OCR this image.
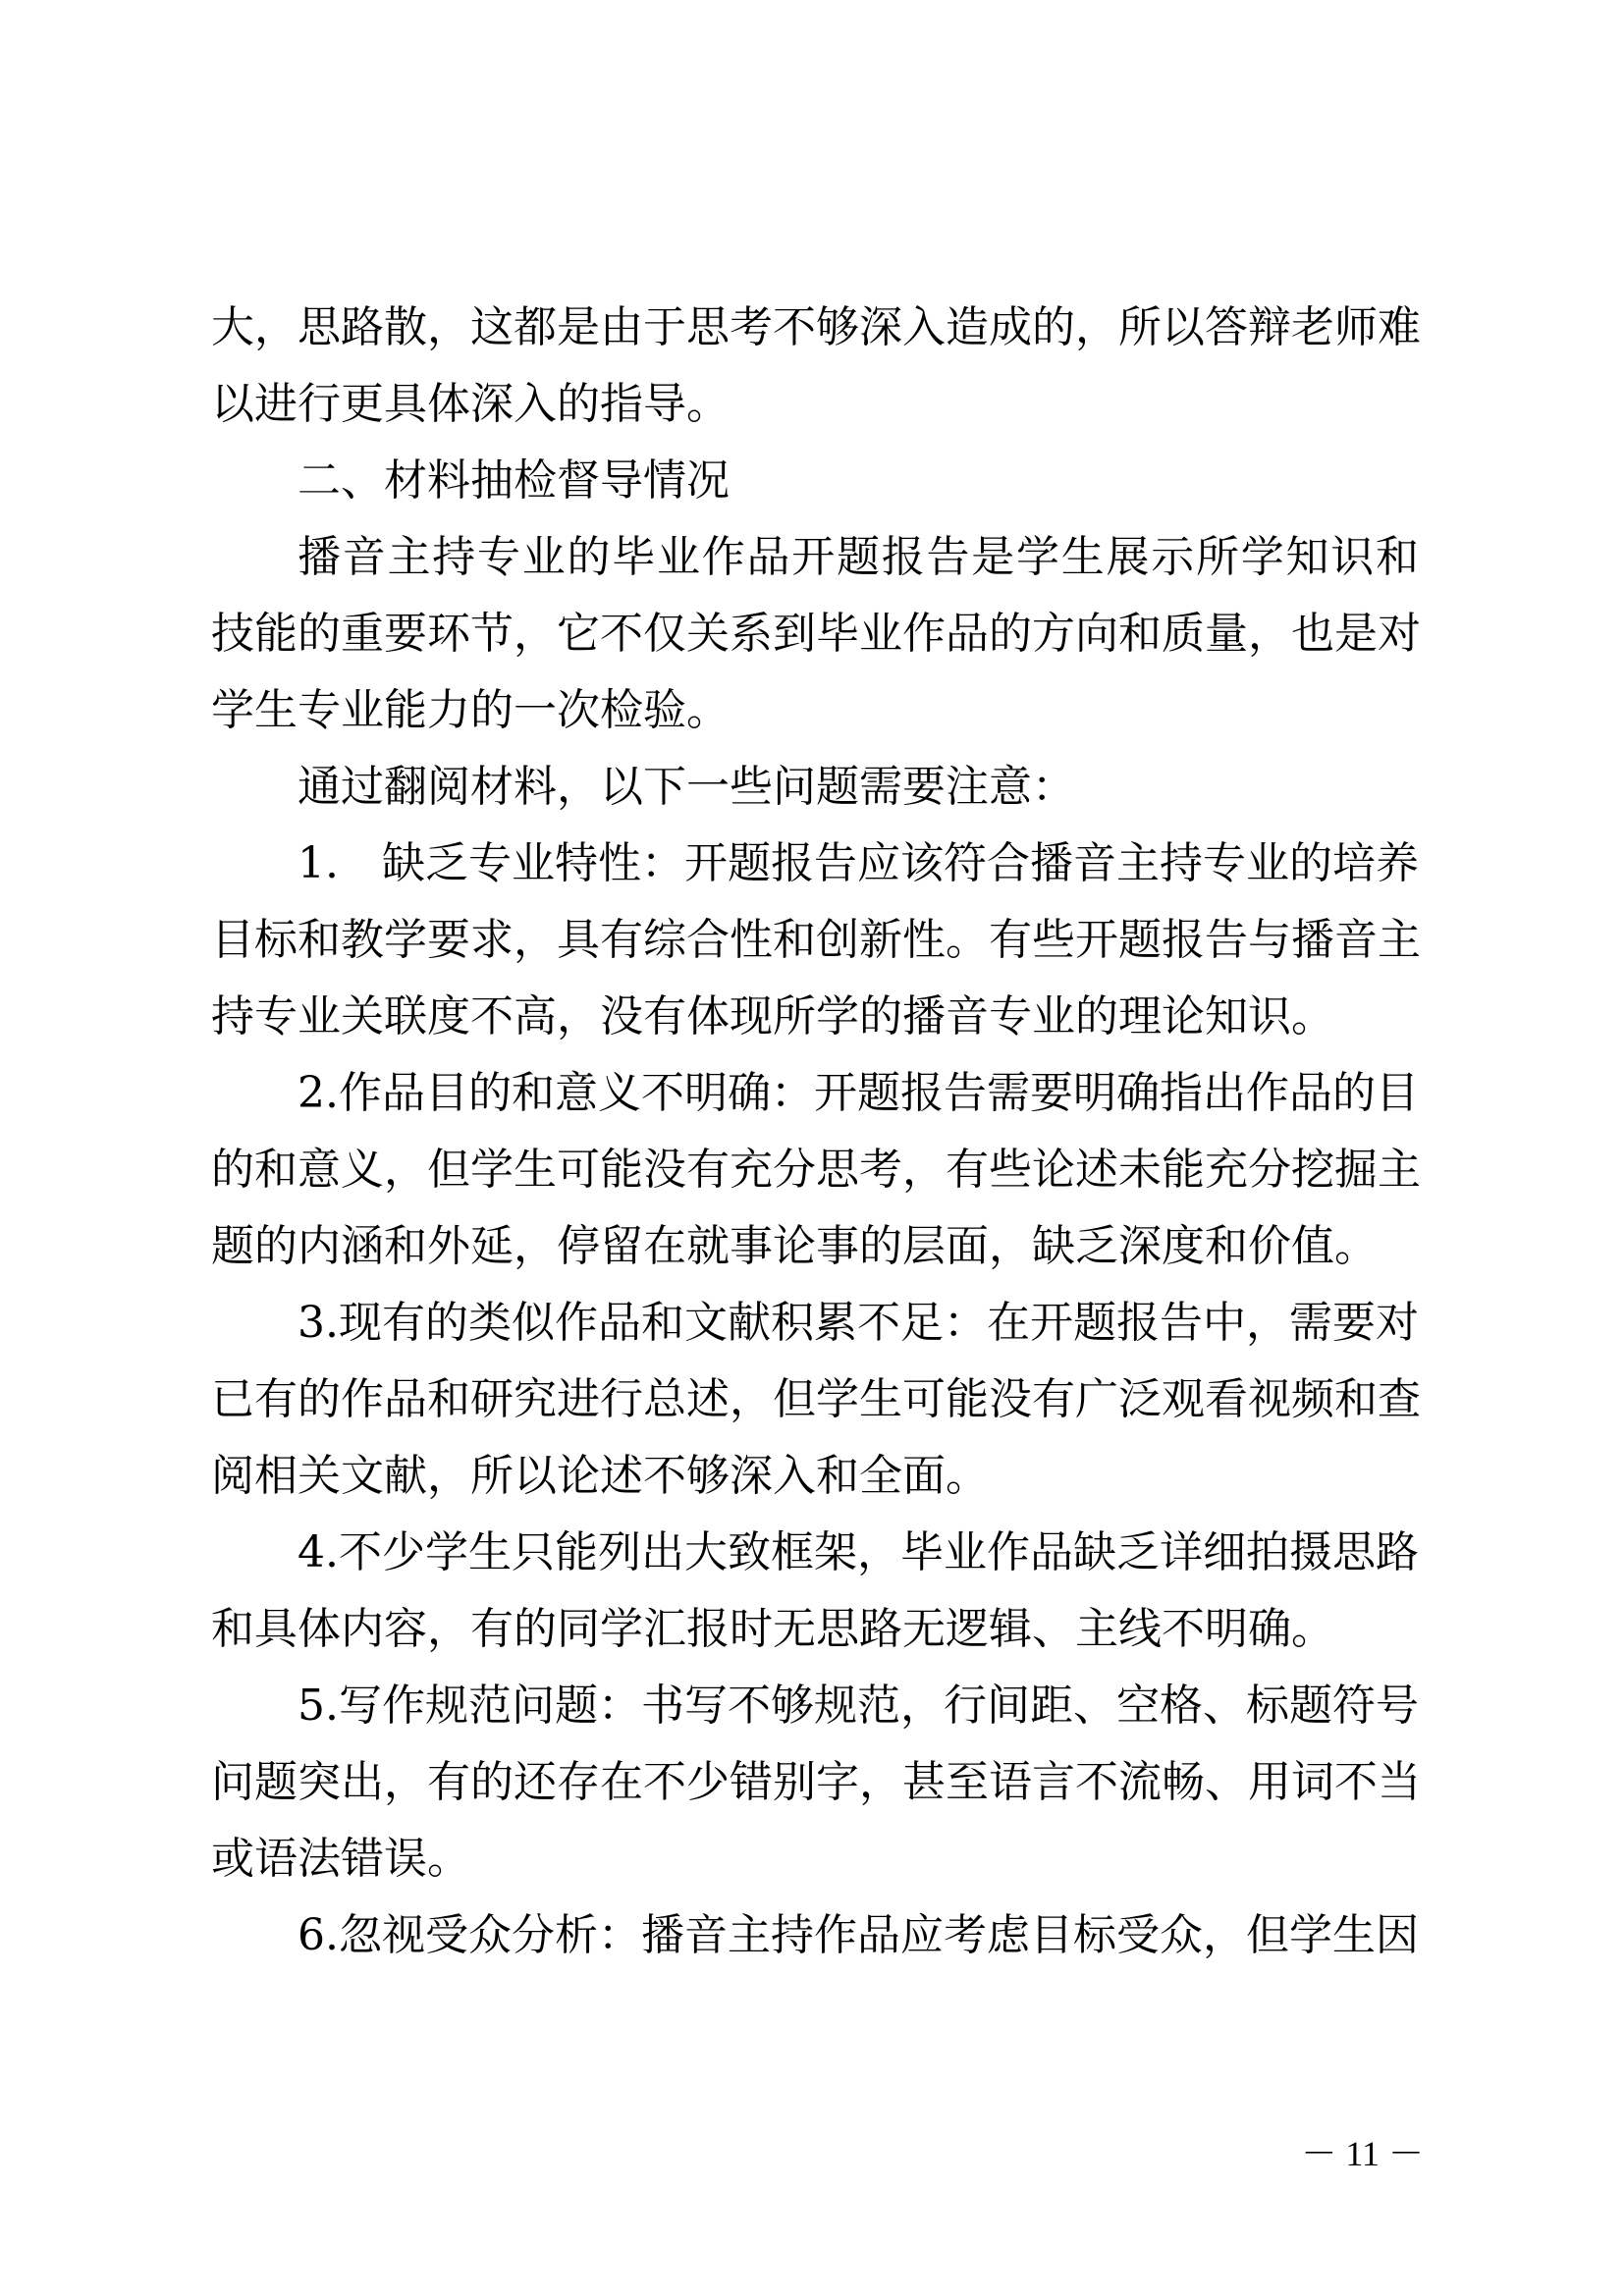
大，思路散，这都是由于思考不够深入造成的，所以答辩老师难

以进行更具体深入的指导。

二、材料抽检督导情况

播音主持专业的毕业作品开题报告是学生展示所学知识和

技能的重要环节，它不仅关系到毕业作品的方向和质量，也是对

学生专业能力的一次检验。

通过翻阅材料，以下一些问题需要注意：

1.　缺乏专业特性：开题报告应该符合播音主持专业的培养

目标和教学要求，具有综合性和创新性。有些开题报告与播音主

持专业关联度不高，没有体现所学的播音专业的理论知识。

2.作品目的和意义不明确：开题报告需要明确指出作品的目

的和意义，但学生可能没有充分思考，有些论述未能充分挖掘主

题的内涵和外延，停留在就事论事的层面，缺乏深度和价值。

3.现有的类似作品和文献积累不足：在开题报告中，需要对

已有的作品和研究进行总述，但学生可能没有广泛观看视频和查

阅相关文献，所以论述不够深入和全面。

4.不少学生只能列出大致框架，毕业作品缺乏详细拍摄思路

和具体内容，有的同学汇报时无思路无逻辑、主线不明确。

5.写作规范问题：书写不够规范，行间距、空格、标题符号

问题突出，有的还存在不少错别字，甚至语言不流畅、用词不当

或语法错误。

6.忽视受众分析：播音主持作品应考虑目标受众，但学生因

－ 11 －
